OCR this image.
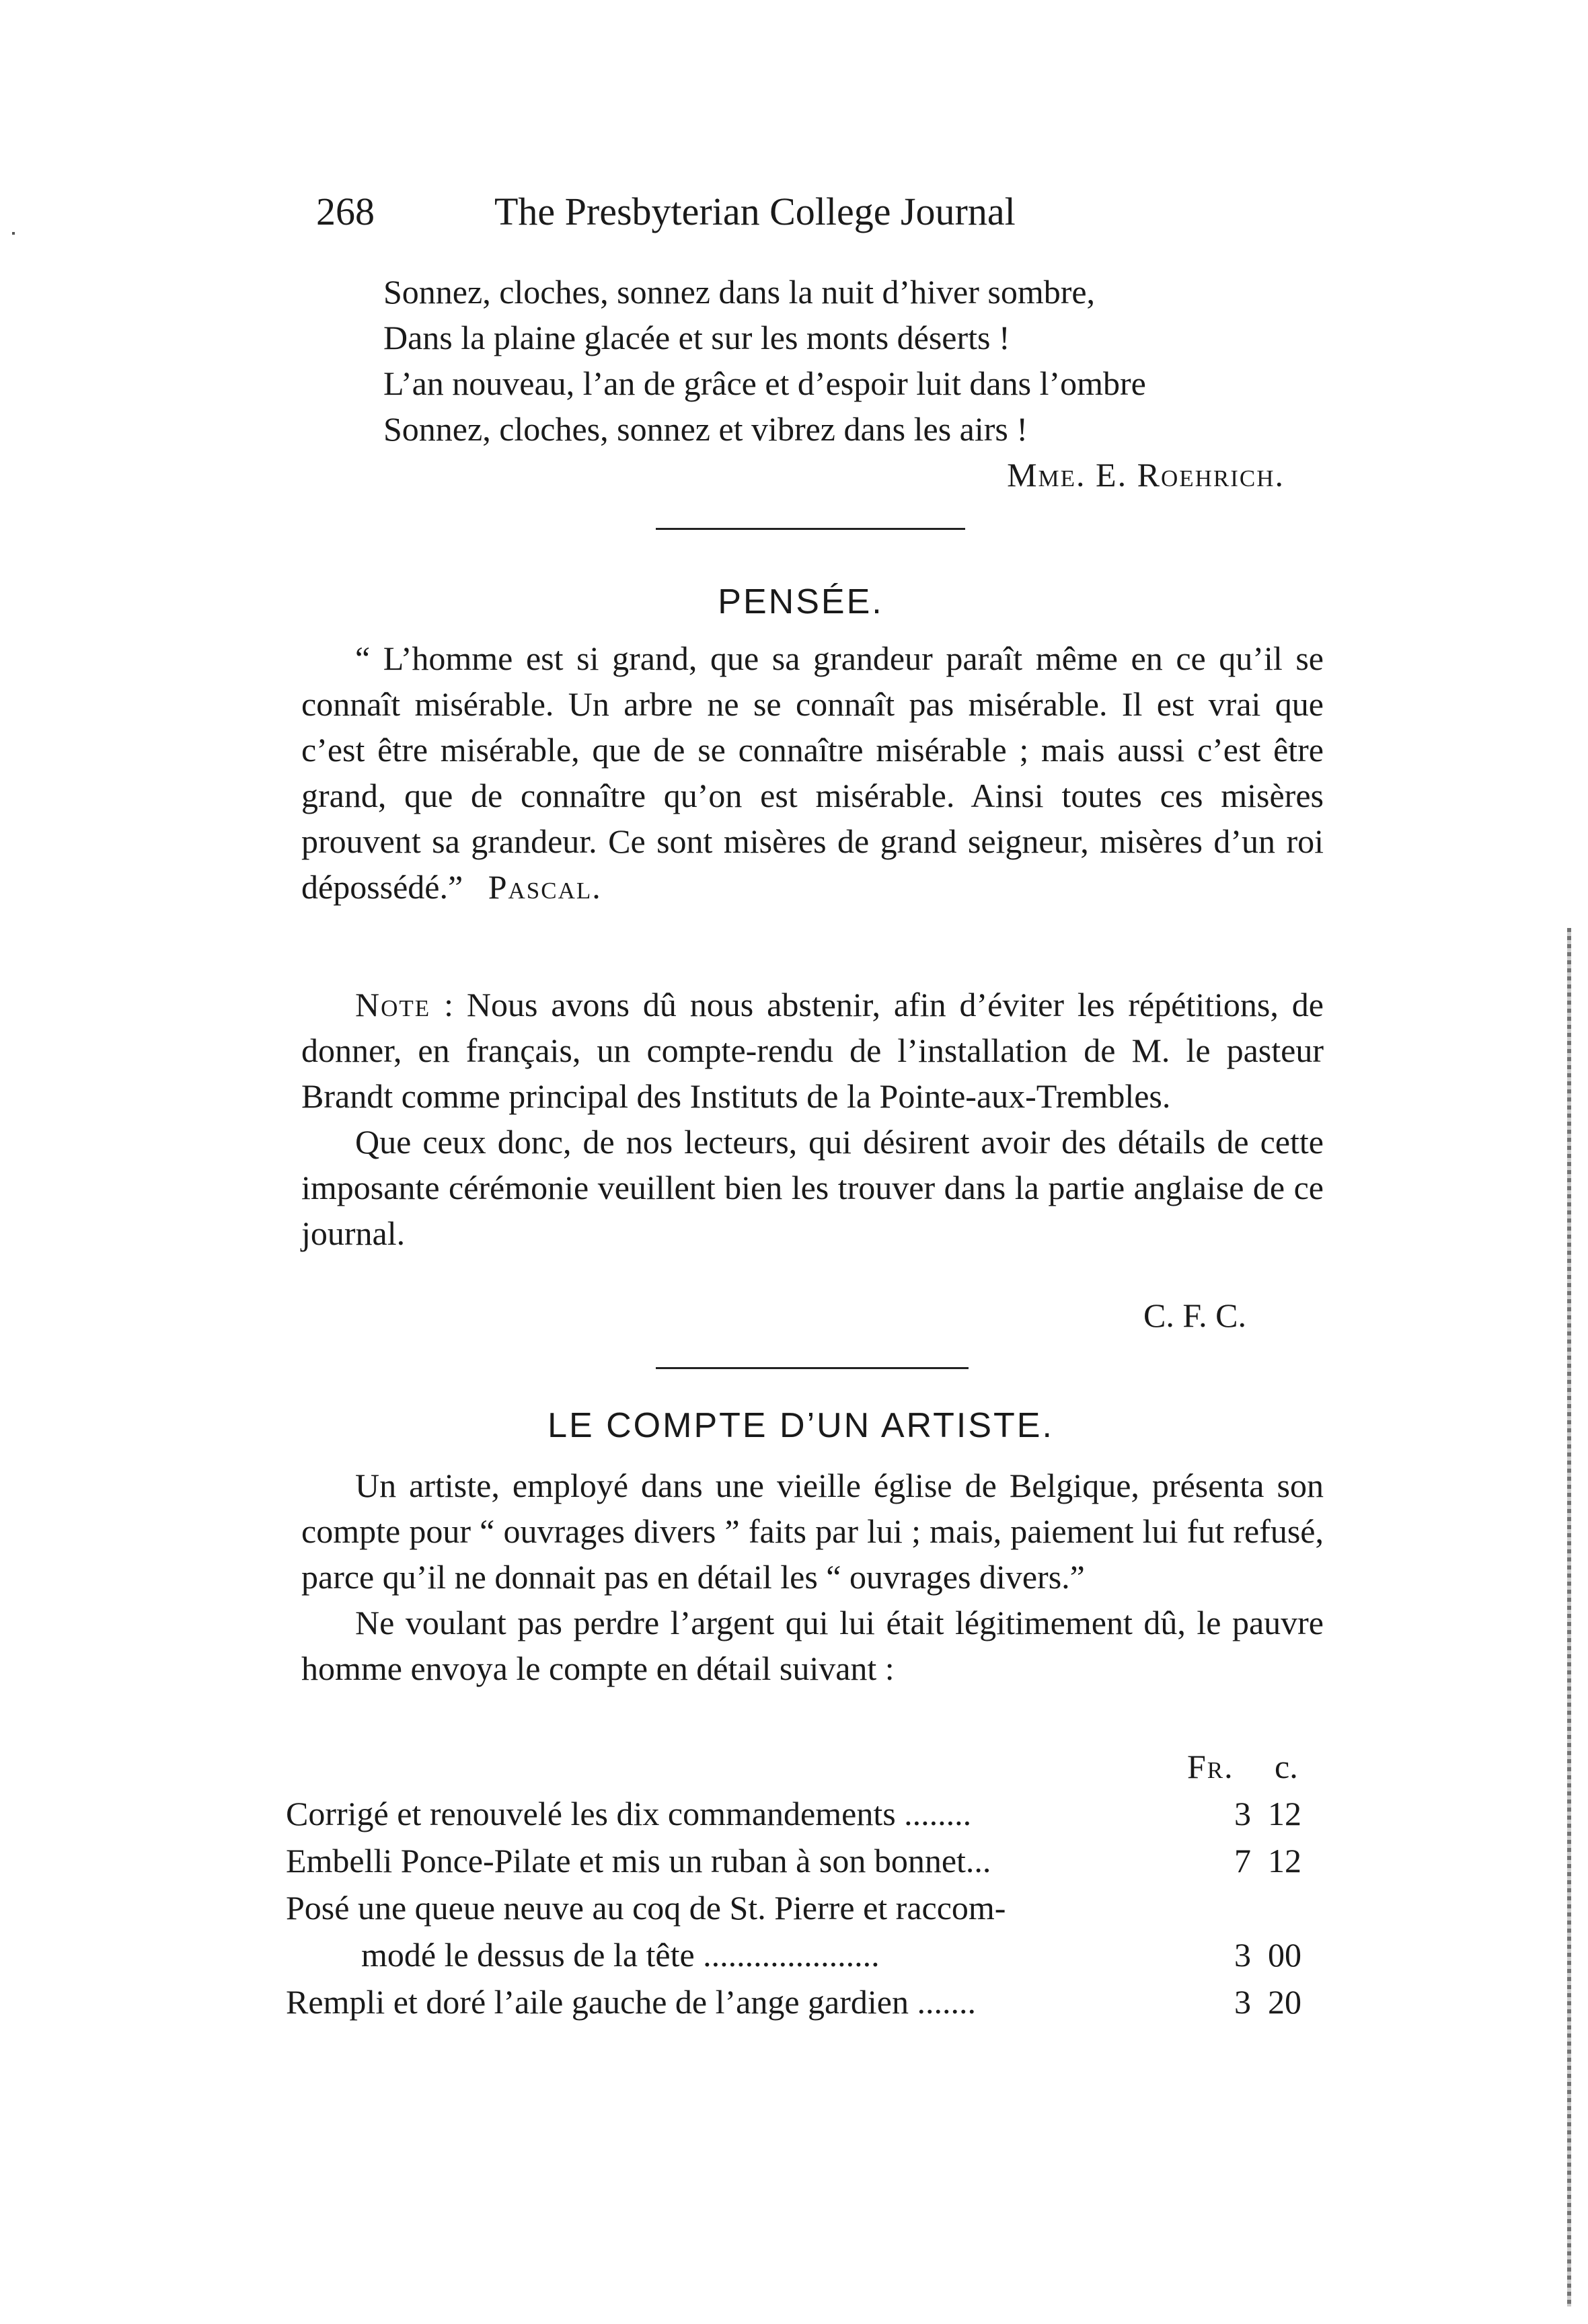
268	The Presbyterian College Journal
Sonnez, cloches, sonnez dans la nuit d’hiver sombre,
Dans la plaine glacée et sur les monts déserts !
L’an nouveau, l’an de grâce et d’espoir luit dans l’ombre
Sonnez, cloches, sonnez et vibrez dans les airs !
Mme. E. Roehrich.
PENSÉE.

“ L’homme est si grand, que sa grandeur paraît même en ce qu’il se connaît misérable. Un arbre ne se connaît pas misérable. Il est vrai que c’est être misérable, que de se connaître misérable ; mais aussi c’est être grand, que de connaître qu’on est misérable. Ainsi toutes ces misères prouvent sa grandeur. Ce sont misères de grand seigneur, misères d’un roi dépossédé.” Pascal.

Note : Nous avons dû nous abstenir, afin d’éviter les répétitions, de donner, en français, un compte-rendu de l’installation de M. le pasteur Brandt comme principal des Instituts de la Pointe-aux-Trembles.

Que ceux donc, de nos lecteurs, qui désirent avoir des détails de cette imposante cérémonie veuillent bien les trouver dans la partie anglaise de ce journal.

C. F. C.
LE COMPTE D’UN ARTISTE.

Un artiste, employé dans une vieille église de Belgique, présenta son compte pour “ ouvrages divers ” faits par lui ; mais, paiement lui fut refusé, parce qu’il ne donnait pas en détail les “ ouvrages divers.”

Ne voulant pas perdre l’argent qui lui était légitimement dû, le pauvre homme envoya le compte en détail suivant :

Fr. c.
Corrigé et renouvelé les dix commandements ........	3 12
Embelli Ponce-Pilate et mis un ruban à son bonnet...	7 12
Posé une queue neuve au coq de St. Pierre et raccom-
modé le dessus de la tête .....................	3 00
Rempli et doré l’aile gauche de l’ange gardien .......	3 20
